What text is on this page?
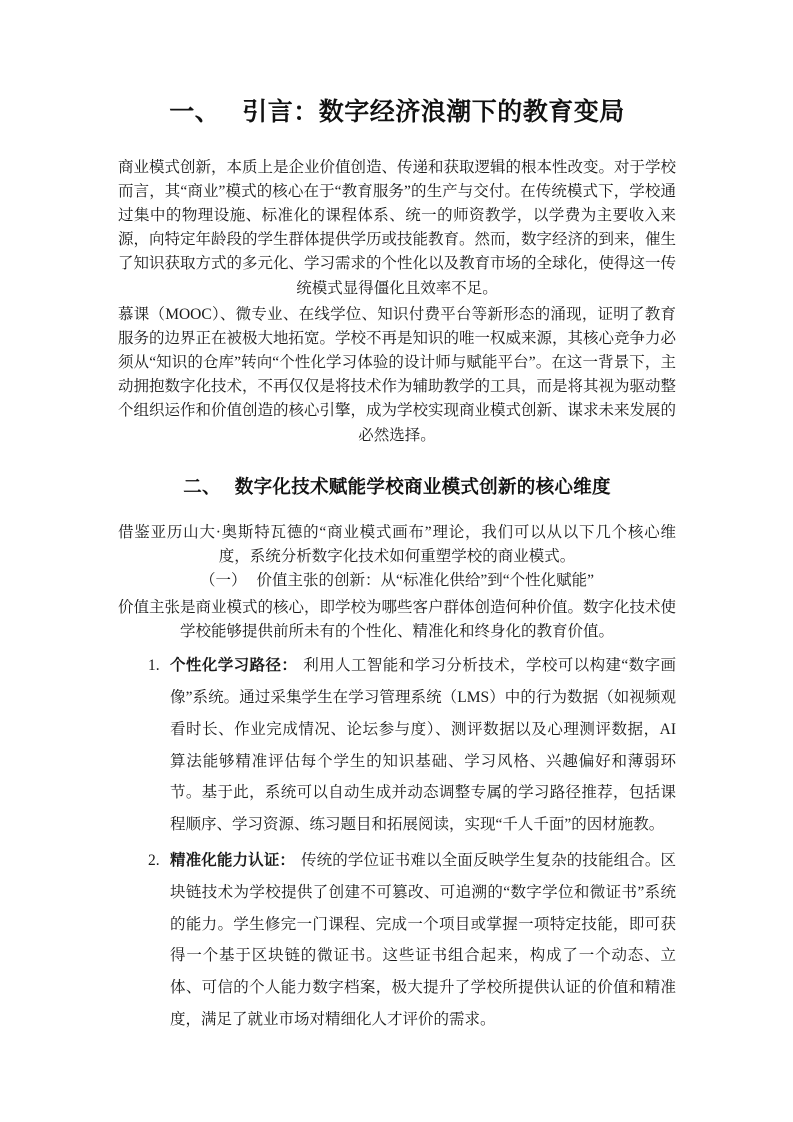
一、 引言：数字经济浪潮下的教育变局

商业模式创新，本质上是企业价值创造、传递和获取逻辑的根本性改变。对于学校而言，其“商业”模式的核心在于“教育服务”的生产与交付。在传统模式下，学校通过集中的物理设施、标准化的课程体系、统一的师资教学，以学费为主要收入来源，向特定年龄段的学生群体提供学历或技能教育。然而，数字经济的到来，催生了知识获取方式的多元化、学习需求的个性化以及教育市场的全球化，使得这一传统模式显得僵化且效率不足。

慕课（MOOC）、微专业、在线学位、知识付费平台等新形态的涌现，证明了教育服务的边界正在被极大地拓宽。学校不再是知识的唯一权威来源，其核心竞争力必须从“知识的仓库”转向“个性化学习体验的设计师与赋能平台”。在这一背景下，主动拥抱数字化技术，不再仅仅是将技术作为辅助教学的工具，而是将其视为驱动整个组织运作和价值创造的核心引擎，成为学校实现商业模式创新、谋求未来发展的必然选择。

二、 数字化技术赋能学校商业模式创新的核心维度

借鉴亚历山大·奥斯特瓦德的“商业模式画布”理论，我们可以从以下几个核心维度，系统分析数字化技术如何重塑学校的商业模式。

（一） 价值主张的创新：从“标准化供给”到“个性化赋能”

价值主张是商业模式的核心，即学校为哪些客户群体创造何种价值。数字化技术使学校能够提供前所未有的个性化、精准化和终身化的教育价值。

个性化学习路径： 利用人工智能和学习分析技术，学校可以构建“数字画像”系统。通过采集学生在学习管理系统（LMS）中的行为数据（如视频观看时长、作业完成情况、论坛参与度）、测评数据以及心理测评数据，AI 算法能够精准评估每个学生的知识基础、学习风格、兴趣偏好和薄弱环节。基于此，系统可以自动生成并动态调整专属的学习路径推荐，包括课程顺序、学习资源、练习题目和拓展阅读，实现“千人千面”的因材施教。
精准化能力认证： 传统的学位证书难以全面反映学生复杂的技能组合。区块链技术为学校提供了创建不可篡改、可追溯的“数字学位和微证书”系统的能力。学生修完一门课程、完成一个项目或掌握一项特定技能，即可获得一个基于区块链的微证书。这些证书组合起来，构成了一个动态、立体、可信的个人能力数字档案，极大提升了学校所提供认证的价值和精准度，满足了就业市场对精细化人才评价的需求。
